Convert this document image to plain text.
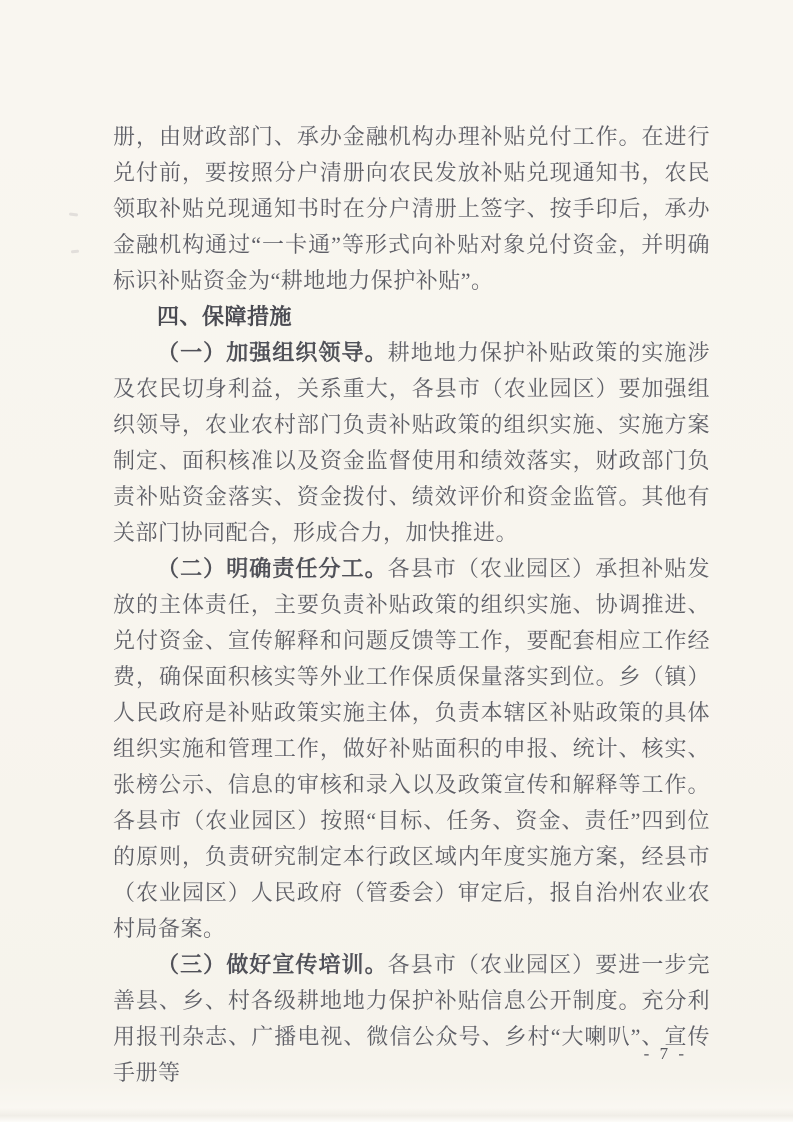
册，由财政部门、承办金融机构办理补贴兑付工作。在进行兑付前，要按照分户清册向农民发放补贴兑现通知书，农民领取补贴兑现通知书时在分户清册上签字、按手印后，承办金融机构通过“一卡通”等形式向补贴对象兑付资金，并明确标识补贴资金为“耕地地力保护补贴”。

四、保障措施

（一）加强组织领导。耕地地力保护补贴政策的实施涉及农民切身利益，关系重大，各县市（农业园区）要加强组织领导，农业农村部门负责补贴政策的组织实施、实施方案制定、面积核准以及资金监督使用和绩效落实，财政部门负责补贴资金落实、资金拨付、绩效评价和资金监管。其他有关部门协同配合，形成合力，加快推进。

（二）明确责任分工。各县市（农业园区）承担补贴发放的主体责任，主要负责补贴政策的组织实施、协调推进、兑付资金、宣传解释和问题反馈等工作，要配套相应工作经费，确保面积核实等外业工作保质保量落实到位。乡（镇）人民政府是补贴政策实施主体，负责本辖区补贴政策的具体组织实施和管理工作，做好补贴面积的申报、统计、核实、张榜公示、信息的审核和录入以及政策宣传和解释等工作。各县市（农业园区）按照“目标、任务、资金、责任”四到位的原则，负责研究制定本行政区域内年度实施方案，经县市（农业园区）人民政府（管委会）审定后，报自治州农业农村局备案。

（三）做好宣传培训。各县市（农业园区）要进一步完善县、乡、村各级耕地地力保护补贴信息公开制度。充分利用报刊杂志、广播电视、微信公众号、乡村“大喇叭”、宣传手册等

- 7 -
